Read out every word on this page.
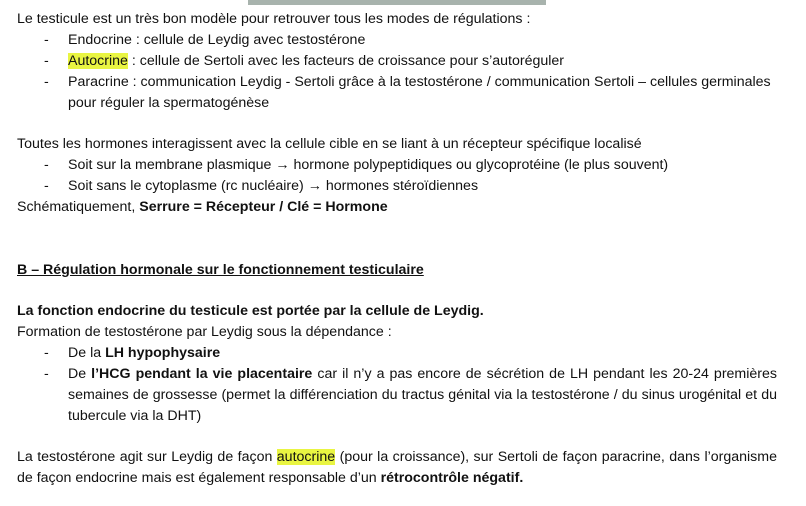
Le testicule est un très bon modèle pour retrouver tous les modes de régulations :

- Endocrine : cellule de Leydig avec testostérone
- Autocrine : cellule de Sertoli avec les facteurs de croissance pour s’autoréguler
- Paracrine : communication Leydig - Sertoli grâce à la testostérone / communication Sertoli – cellules germinales pour réguler la spermatogénèse

Toutes les hormones interagissent avec la cellule cible en se liant à un récepteur spécifique localisé

- Soit sur la membrane plasmique → hormone polypeptidiques ou glycoprotéine (le plus souvent)
- Soit sans le cytoplasme (rc nucléaire) → hormones stéroïdiennes

Schématiquement, Serrure = Récepteur / Clé = Hormone

B – Régulation hormonale sur le fonctionnement testiculaire

La fonction endocrine du testicule est portée par la cellule de Leydig.

Formation de testostérone par Leydig sous la dépendance :

- De la LH hypophysaire
- De l’HCG pendant la vie placentaire car il n’y a pas encore de sécrétion de LH pendant les 20-24 premières semaines de grossesse (permet la différenciation du tractus génital via la testostérone / du sinus urogénital et du tubercule via la DHT)

La testostérone agit sur Leydig de façon autocrine (pour la croissance), sur Sertoli de façon paracrine, dans l’organisme de façon endocrine mais est également responsable d’un rétrocontrôle négatif.
